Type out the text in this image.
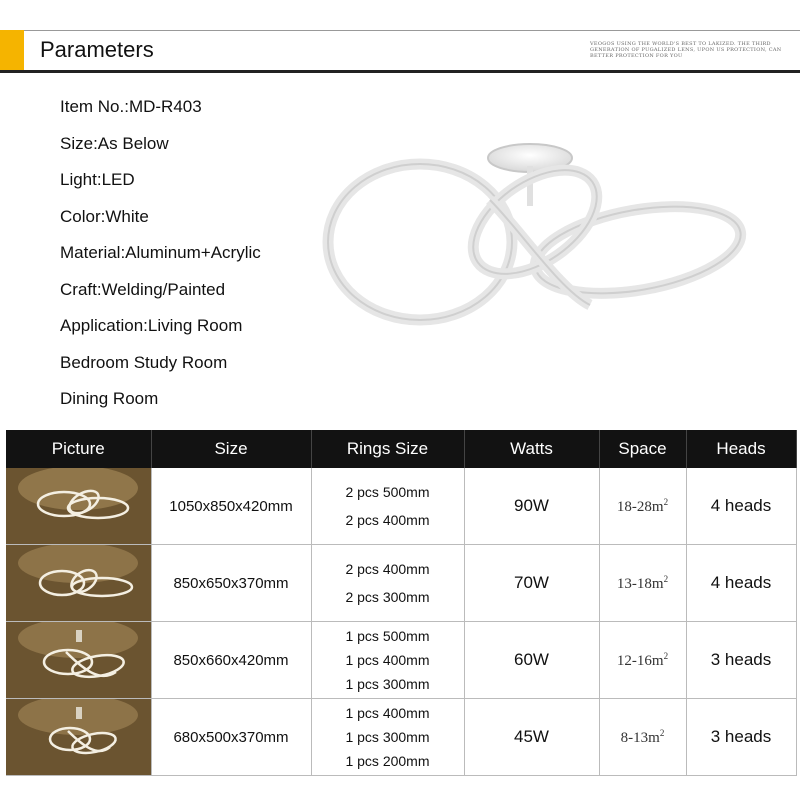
Parameters	VEOGOS USING THE WORLD'S BEST TO LAKIZED. THE THIRD GENERATION OF PUGALIZED LENS, UPON US PROTECTION, CAN BETTER PROTECTION FOR YOU
Item No.:MD-R403
Size:As Below
Light:LED
Color:White
Material:Aluminum+Acrylic
Craft:Welding/Painted
Application:Living Room
Bedroom Study Room
Dining Room
Picture	Size	Rings Size	Watts	Space	Heads
	1050x850x420mm	2 pcs 500mm
2 pcs 400mm	90W	$18-28m^2$	4 heads
	850x650x370mm	2 pcs 400mm
2 pcs 300mm	70W	$13-18m^2$	4 heads
	850x660x420mm	1 pcs 500mm
1 pcs 400mm
1 pcs 300mm	60W	$12-16m^2$	3 heads
	680x500x370mm	1 pcs 400mm
1 pcs 300mm
1 pcs 200mm	45W	$8-13m^2$	3 heads
